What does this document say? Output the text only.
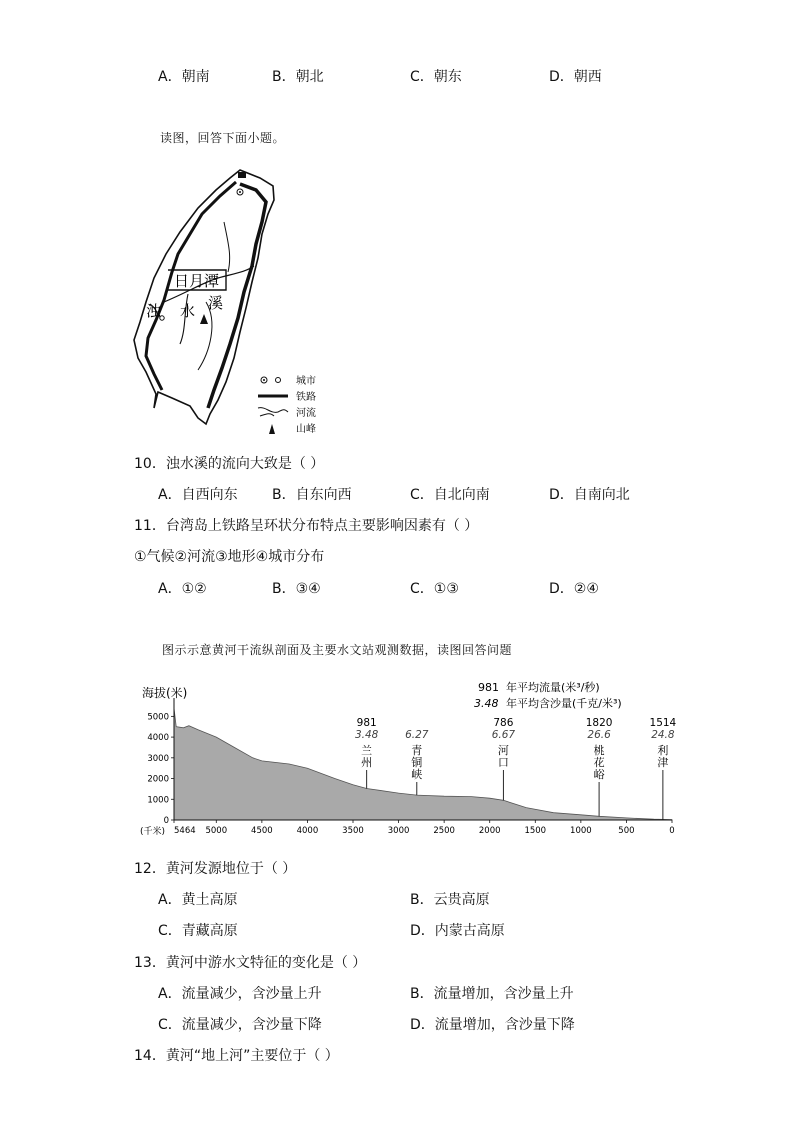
A．朝南	B．朝北	C．朝东	D．朝西
读图，回答下面小题。
日月潭
浊 水 溪
城市
铁路
河流
山峰
10．浊水溪的流向大致是（ ）
A．自西向东 B．自东向西	C．自北向南	D．自南向北
11．台湾岛上铁路呈环状分布特点主要影响因素有（ ）
①气候②河流③地形④城市分布
A．①②	B．③④	C．①③	D．②④
图示示意黄河干流纵剖面及主要水文站观测数据，读图回答问题
海拔(米)	981 年平均流量(米³/秒)
3.48 年平均含沙量(千克/米³)
0
1000
2000
3000
4000
5000
5464 5000	4500	4000	3500	3000	2500	2000	1500	1000	500	0
981
3.48
兰
州
6.27
青
铜
峡
786
6.67
河
口
1820
26.6
桃
花
峪
1514
24.8
利
津
(千米)
12．黄河发源地位于（ ）
A．黄土高原	B．云贵高原
C．青藏高原	D．内蒙古高原
13．黄河中游水文特征的变化是（ ）
A．流量减少，含沙量上升	B．流量增加，含沙量上升
C．流量减少，含沙量下降	D．流量增加，含沙量下降
14．黄河“地上河”主要位于（ ）
